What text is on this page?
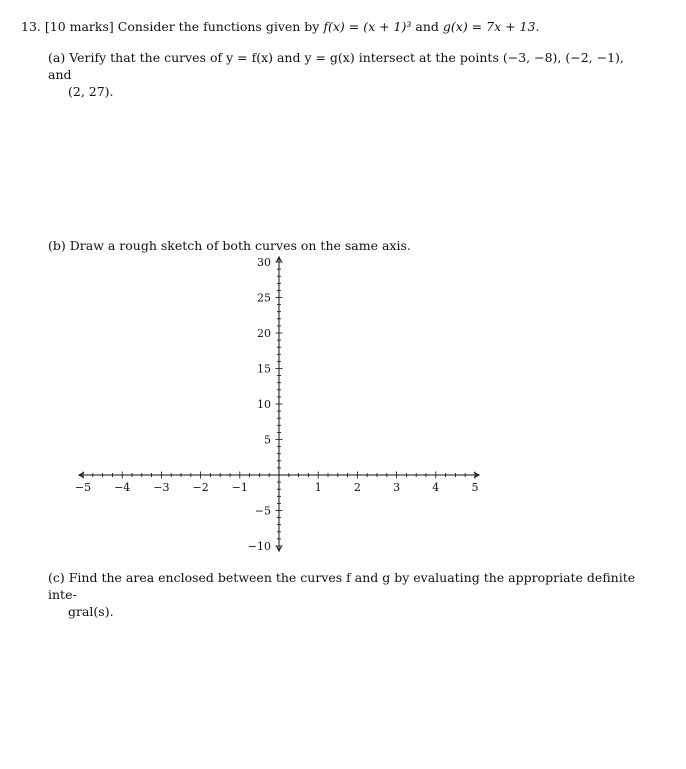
13. [10 marks] Consider the functions given by f(x) = (x + 1)³ and g(x) = 7x + 13.
(a) Verify that the curves of y = f(x) and y = g(x) intersect at the points (−3, −8), (−2, −1), and
(2, 27).
(b) Draw a rough sketch of both curves on the same axis.
−5 −4 −3 −2 −1	1	2	3	4	5
30
25
20
15
10
5
−5
−10
(c) Find the area enclosed between the curves f and g by evaluating the appropriate definite inte-
gral(s).
